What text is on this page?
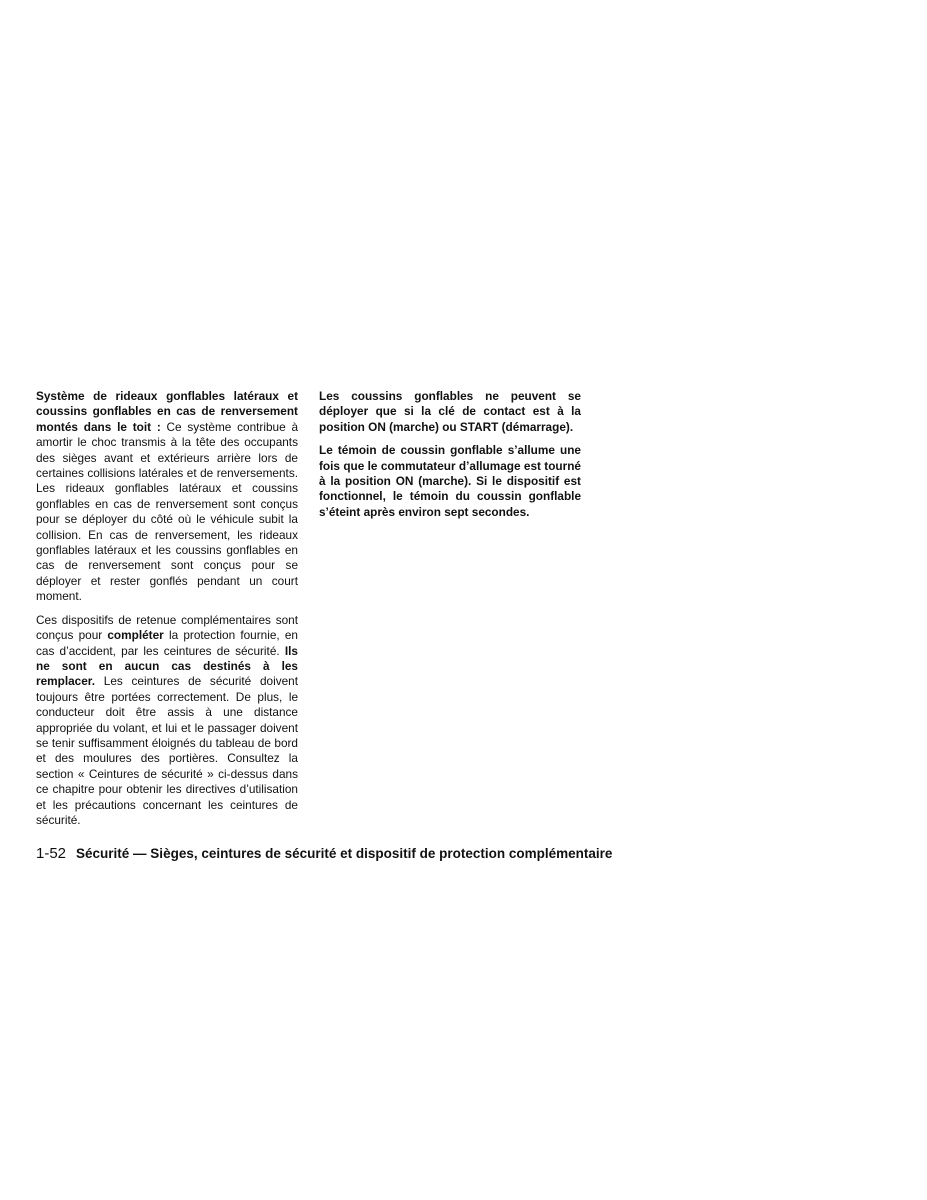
Système de rideaux gonflables latéraux et coussins gonflables en cas de renversement montés dans le toit : Ce système contribue à amortir le choc transmis à la tête des occupants des sièges avant et extérieurs arrière lors de certaines collisions latérales et de renversements. Les rideaux gonflables latéraux et coussins gonflables en cas de renversement sont conçus pour se déployer du côté où le véhicule subit la collision. En cas de renversement, les rideaux gonflables latéraux et les coussins gonflables en cas de renversement sont conçus pour se déployer et rester gonflés pendant un court moment.

Ces dispositifs de retenue complémentaires sont conçus pour compléter la protection fournie, en cas d’accident, par les ceintures de sécurité. Ils ne sont en aucun cas destinés à les remplacer. Les ceintures de sécurité doivent toujours être portées correctement. De plus, le conducteur doit être assis à une distance appropriée du volant, et lui et le passager doivent se tenir suffisamment éloignés du tableau de bord et des moulures des portières. Consultez la section « Ceintures de sécurité » ci-dessus dans ce chapitre pour obtenir les directives d’utilisation et les précautions concernant les ceintures de sécurité.

Les coussins gonflables ne peuvent se déployer que si la clé de contact est à la position ON (marche) ou START (démarrage).

Le témoin de coussin gonflable s’allume une fois que le commutateur d’allumage est tourné à la position ON (marche). Si le dispositif est fonctionnel, le témoin du coussin gonflable s’éteint après environ sept secondes.

1-52 Sécurité — Sièges, ceintures de sécurité et dispositif de protection complémentaire
